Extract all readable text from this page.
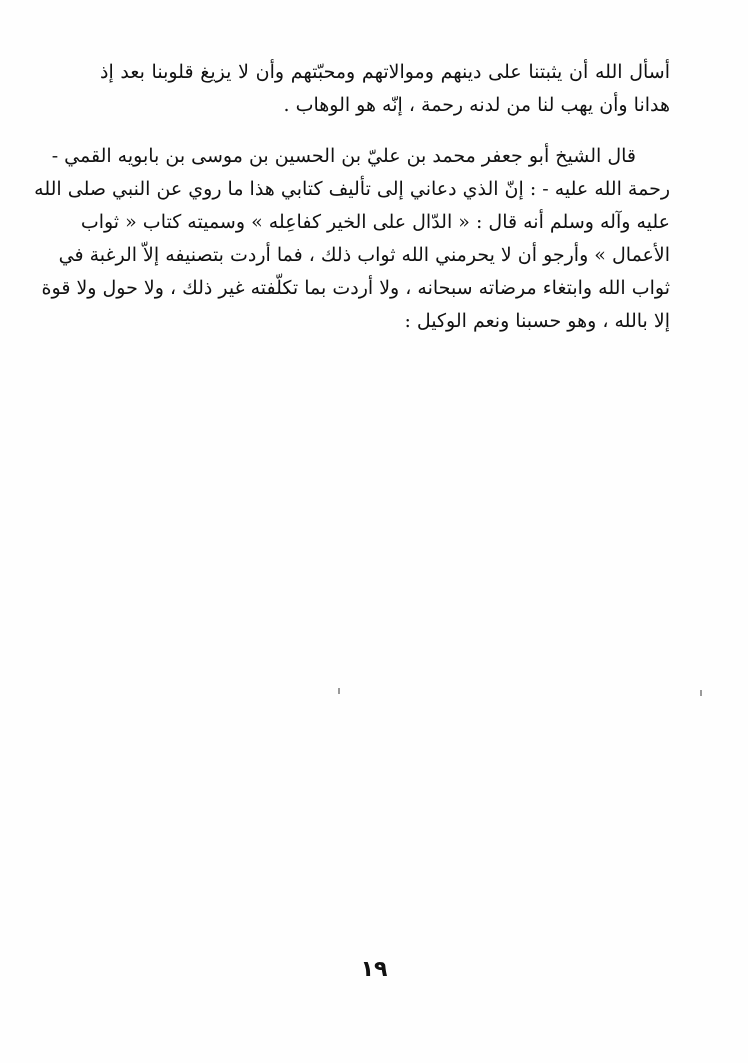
أسأل الله أن يثبتنا على دينهم وموالاتهم ومحبّتهم وأن لا يزيغ قلوبنا بعد إذ
هدانا وأن يهب لنا من لدنه رحمة ، إنّه هو الوهاب .
قال الشيخ أبو جعفر محمد بن عليّ بن الحسين بن موسى بن بابويه القمي -
رحمة الله عليه - : إنّ الذي دعاني إلى تأليف كتابي هذا ما روي عن النبي صلى الله
عليه وآله وسلم أنه قال : « الدّال على الخير كفاعِله » وسميته كتاب « ثواب
الأعمال » وأرجو أن لا يحرمني الله ثواب ذلك ، فما أردت بتصنيفه إلاّ الرغبة في
ثواب الله وابتغاء مرضاته سبحانه ، ولا أردت بما تكلّفته غير ذلك ، ولا حول ولا قوة
إلا بالله ، وهو حسبنا ونعم الوكيل :
١٩
